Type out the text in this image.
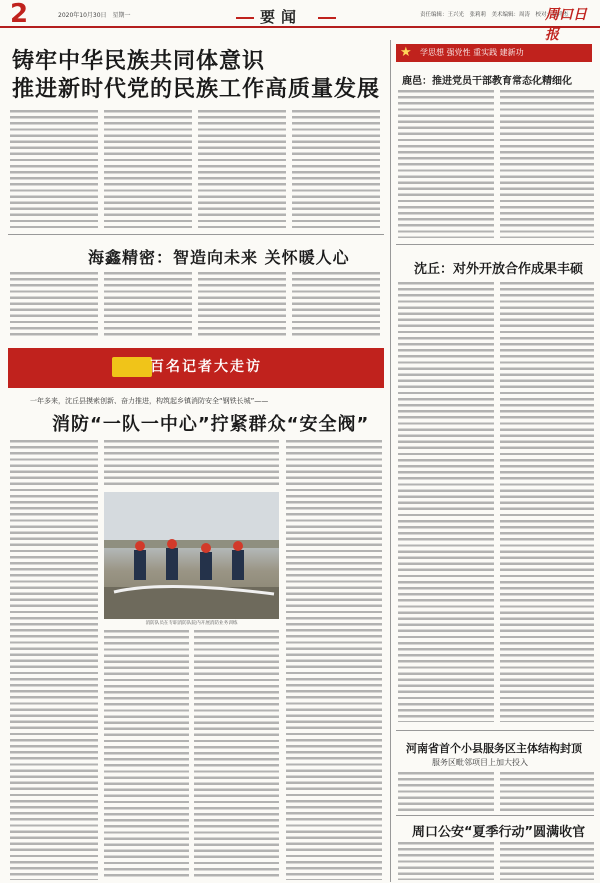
2	2020年10月30日　星期一	要闻	责任编辑：王兴光　张莉莉　美术编辑：周涛　校对：赵祥杰
周口日报
铸牢中华民族共同体意识
推进新时代党的民族工作高质量发展
学思想 强党性 重实践 建新功
★
鹿邑：推进党员干部教育常态化精细化
海鑫精密：智造向未来 关怀暖人心
沈丘：对外开放合作成果丰硕
百名记者大走访
一年多来，沈丘县摸索创新、奋力推进，构筑起乡镇消防安全“钢铁长城”——
消防“一队一中心”拧紧群众“安全阀”
消防队员在专职消防队院内开展消防业务训练
河南省首个小县服务区主体结构封顶
服务区毗邻项目上加大投入
周口公安“夏季行动”圆满收官
